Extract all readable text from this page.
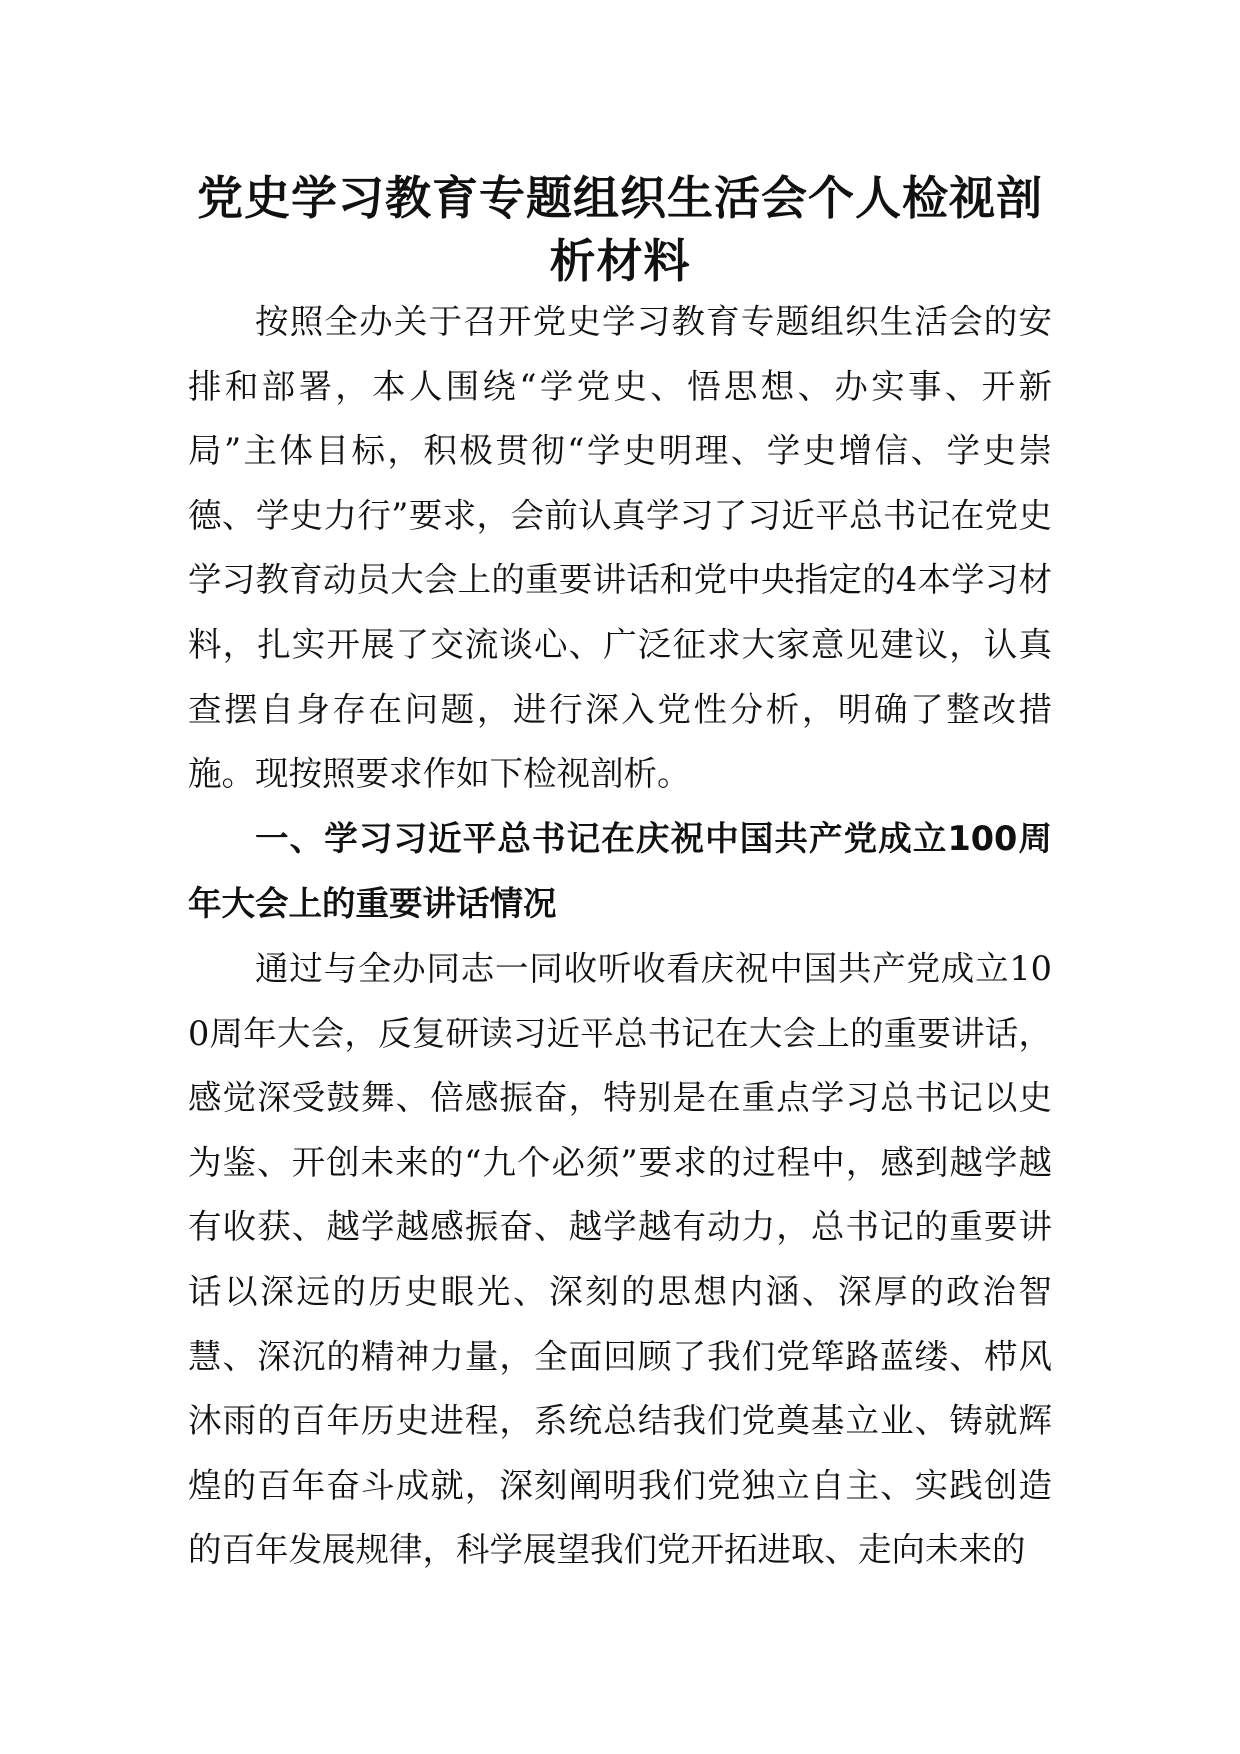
党史学习教育专题组织生活会个人检视剖
析材料

按照全办关于召开党史学习教育专题组织生活会的安排和部署，本人围绕“学党史、悟思想、办实事、开新局”主体目标，积极贯彻“学史明理、学史增信、学史崇德、学史力行”要求，会前认真学习了习近平总书记在党史学习教育动员大会上的重要讲话和党中央指定的4本学习材料，扎实开展了交流谈心、广泛征求大家意见建议，认真查摆自身存在问题，进行深入党性分析，明确了整改措施。现按照要求作如下检视剖析。

一、学习习近平总书记在庆祝中国共产党成立100周年大会上的重要讲话情况

通过与全办同志一同收听收看庆祝中国共产党成立100周年大会，反复研读习近平总书记在大会上的重要讲话，感觉深受鼓舞、倍感振奋，特别是在重点学习总书记以史为鉴、开创未来的“九个必须”要求的过程中，感到越学越有收获、越学越感振奋、越学越有动力，总书记的重要讲话以深远的历史眼光、深刻的思想内涵、深厚的政治智慧、深沉的精神力量，全面回顾了我们党筚路蓝缕、栉风沐雨的百年历史进程，系统总结我们党奠基立业、铸就辉煌的百年奋斗成就，深刻阐明我们党独立自主、实践创造的百年发展规律，科学展望我们党开拓进取、走向未来的
